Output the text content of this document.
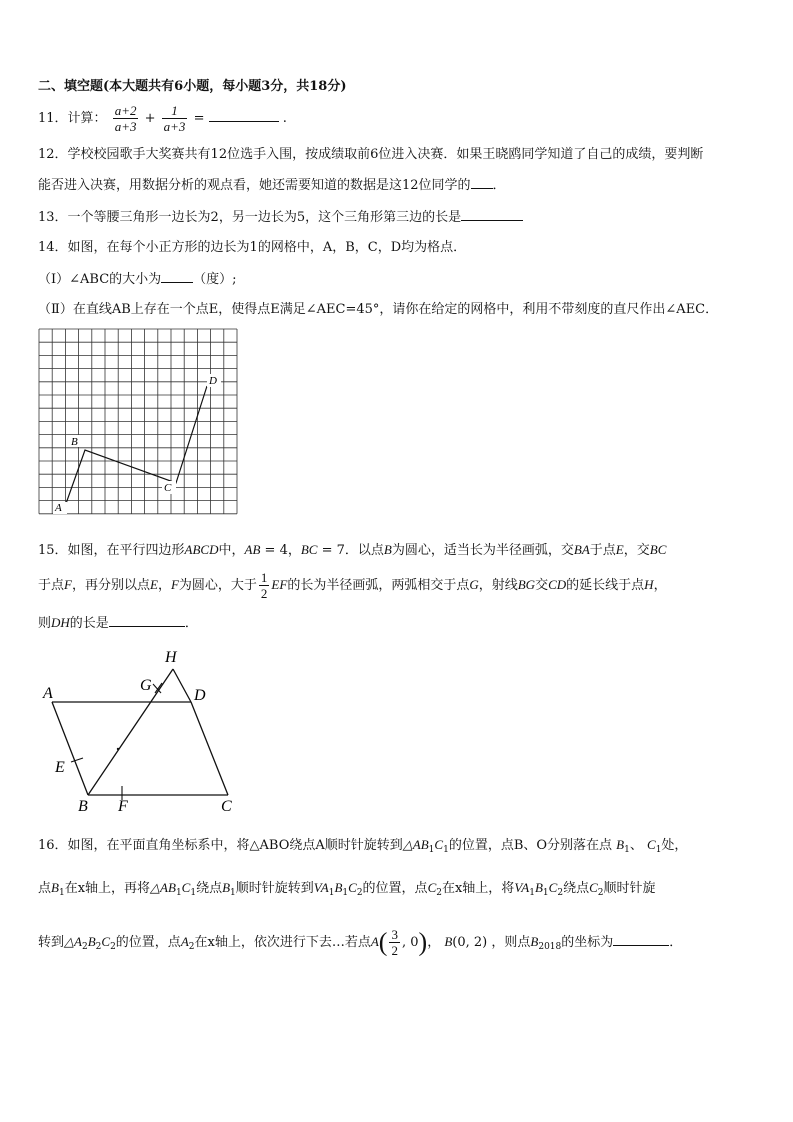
二、填空题(本大题共有6小题，每小题3分，共18分)
11．计算： $\frac{a+2}{a+3} + \frac{1}{a+3}$ =	.
12．学校校园歌手大奖赛共有12位选手入围，按成绩取前6位进入决赛．如果王晓鸥同学知道了自己的成绩，要判断
能否进入决赛，用数据分析的观点看，她还需要知道的数据是这12位同学的 ．
13．一个等腰三角形一边长为2，另一边长为5，这个三角形第三边的长是
14．如图，在每个小正方形的边长为1的网格中，A，B，C，D均为格点．
（Ⅰ）∠ABC的大小为 （度）;
（Ⅱ）在直线AB上存在一个点E，使得点E满足∠AEC=45°，请你在给定的网格中，利用不带刻度的直尺作出∠AEC．
A
B
C
D
15．如图，在平行四边形ABCD中，AB = 4，BC = 7．以点B为圆心，适当长为半径画弧，交BA于点E，交BC
于点F，再分别以点E，F为圆心，大于 $\frac{1}{2}$ EF的长为半径画弧，两弧相交于点G，射线BG交CD的延长线于点H，
则DH的长是	．
A	D
H
G
E
B F	C
16．如图，在平面直角坐标系中，将△ABO绕点A顺时针旋转到$\triangle AB_1C_1$的位置，点B、O分别落在点 $B_1$、 $C_1$处，
点$B_1$在x轴上，再将$\triangle AB_1C_1$绕点$B_1$顺时针旋转到$VA_1B_1C_2$的位置，点$C_2$在x轴上，将$VA_1B_1C_2$绕点$C_2$顺时针旋
转到$\triangle A_2B_2C_2$的位置，点$A_2$在x轴上，依次进行下去…若点$A( \frac{3}{2}$ , 0)， B(0, 2) ，则点$B_{2018}$的坐标为	．
